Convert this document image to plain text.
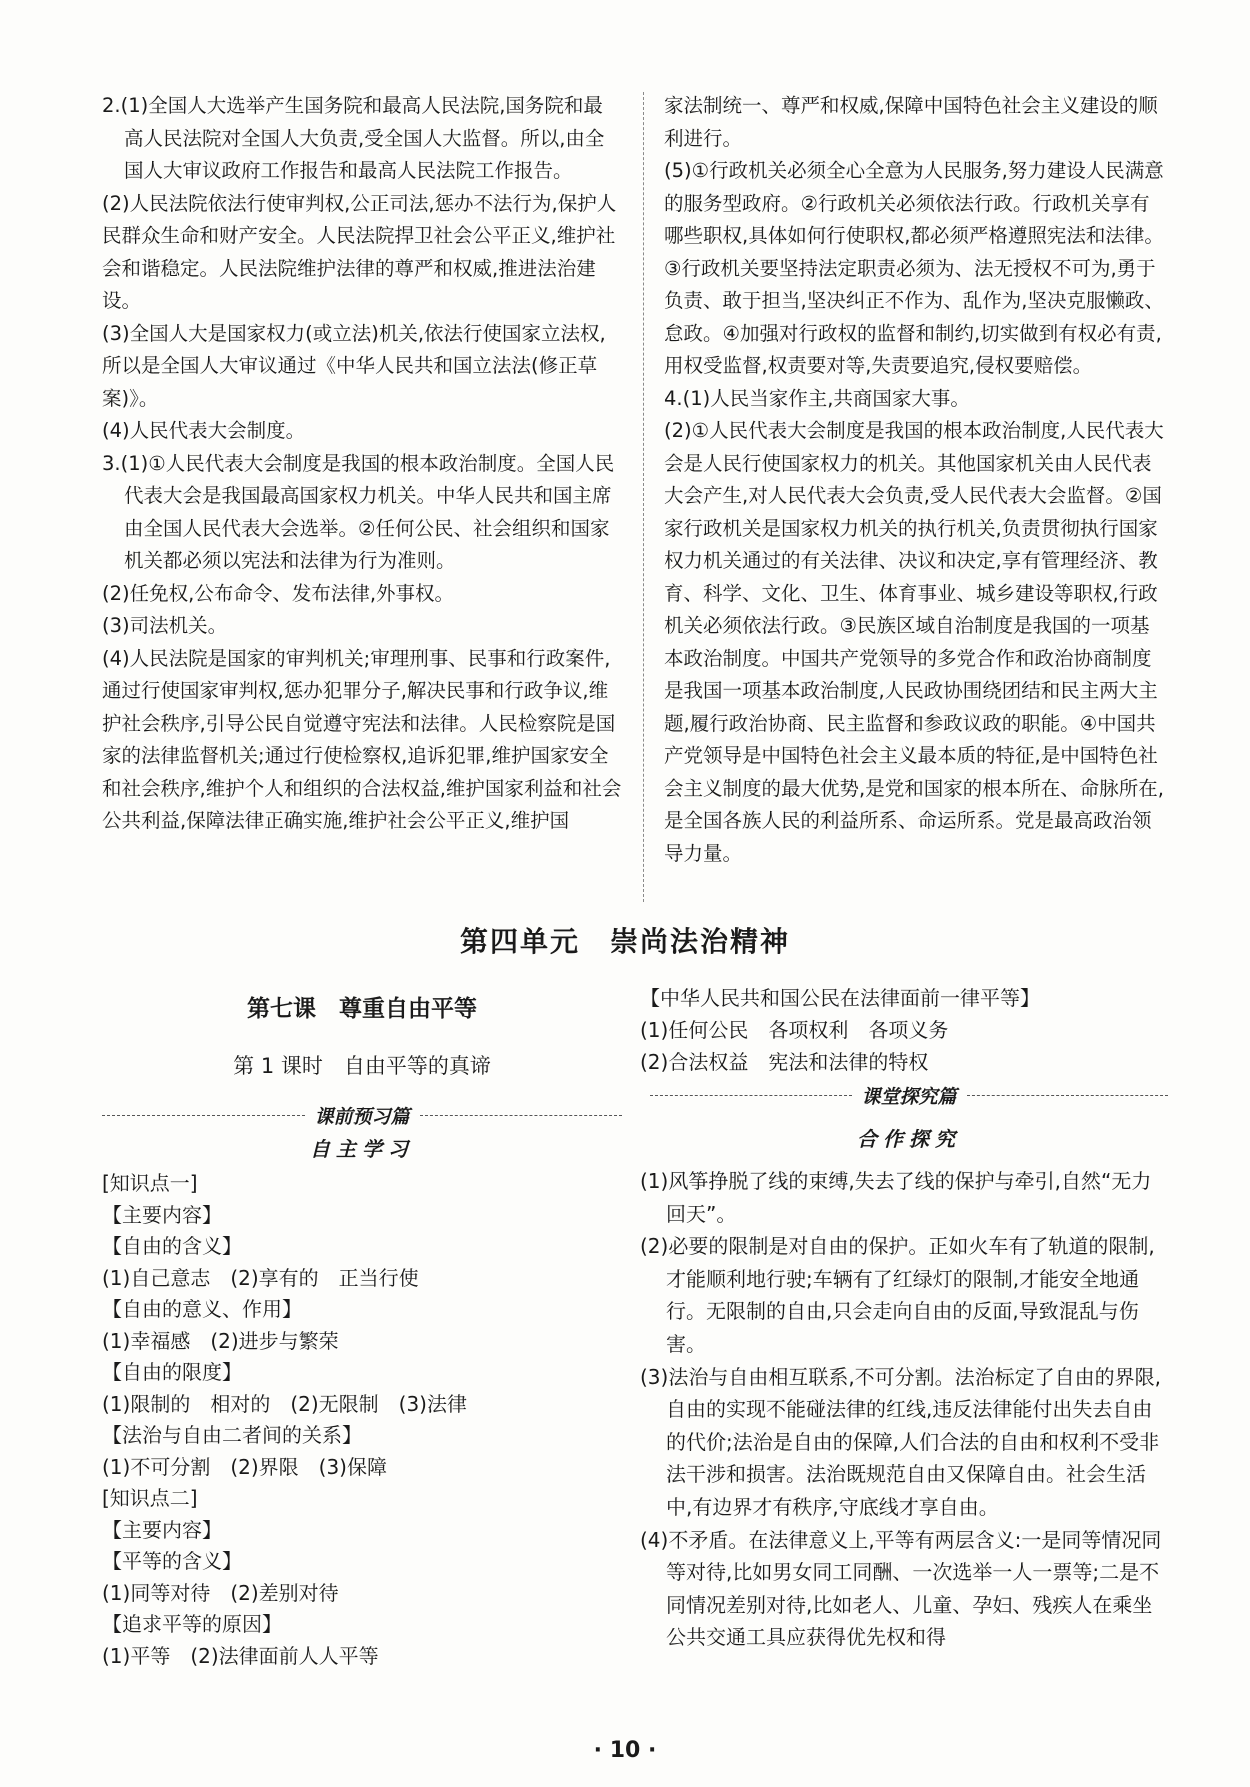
2.(1)全国人大选举产生国务院和最高人民法院,国务院和最高人民法院对全国人大负责,受全国人大监督。所以,由全国人大审议政府工作报告和最高人民法院工作报告。

(2)人民法院依法行使审判权,公正司法,惩办不法行为,保护人民群众生命和财产安全。人民法院捍卫社会公平正义,维护社会和谐稳定。人民法院维护法律的尊严和权威,推进法治建设。

(3)全国人大是国家权力(或立法)机关,依法行使国家立法权,所以是全国人大审议通过《中华人民共和国立法法(修正草案)》。

(4)人民代表大会制度。

3.(1)①人民代表大会制度是我国的根本政治制度。全国人民代表大会是我国最高国家权力机关。中华人民共和国主席由全国人民代表大会选举。②任何公民、社会组织和国家机关都必须以宪法和法律为行为准则。

(2)任免权,公布命令、发布法律,外事权。

(3)司法机关。

(4)人民法院是国家的审判机关;审理刑事、民事和行政案件,通过行使国家审判权,惩办犯罪分子,解决民事和行政争议,维护社会秩序,引导公民自觉遵守宪法和法律。人民检察院是国家的法律监督机关;通过行使检察权,追诉犯罪,维护国家安全和社会秩序,维护个人和组织的合法权益,维护国家利益和社会公共利益,保障法律正确实施,维护社会公平正义,维护国

家法制统一、尊严和权威,保障中国特色社会主义建设的顺利进行。

(5)①行政机关必须全心全意为人民服务,努力建设人民满意的服务型政府。②行政机关必须依法行政。行政机关享有哪些职权,具体如何行使职权,都必须严格遵照宪法和法律。③行政机关要坚持法定职责必须为、法无授权不可为,勇于负责、敢于担当,坚决纠正不作为、乱作为,坚决克服懒政、怠政。④加强对行政权的监督和制约,切实做到有权必有责,用权受监督,权责要对等,失责要追究,侵权要赔偿。

4.(1)人民当家作主,共商国家大事。

(2)①人民代表大会制度是我国的根本政治制度,人民代表大会是人民行使国家权力的机关。其他国家机关由人民代表大会产生,对人民代表大会负责,受人民代表大会监督。②国家行政机关是国家权力机关的执行机关,负责贯彻执行国家权力机关通过的有关法律、决议和决定,享有管理经济、教育、科学、文化、卫生、体育事业、城乡建设等职权,行政机关必须依法行政。③民族区域自治制度是我国的一项基本政治制度。中国共产党领导的多党合作和政治协商制度是我国一项基本政治制度,人民政协围绕团结和民主两大主题,履行政治协商、民主监督和参政议政的职能。④中国共产党领导是中国特色社会主义最本质的特征,是中国特色社会主义制度的最大优势,是党和国家的根本所在、命脉所在,是全国各族人民的利益所系、命运所系。党是最高政治领导力量。

第四单元　崇尚法治精神
第七课　尊重自由平等
第 1 课时　自由平等的真谛
课前预习篇
自主学习

[知识点一]

【主要内容】

【自由的含义】

(1)自己意志　(2)享有的　正当行使

【自由的意义、作用】

(1)幸福感　(2)进步与繁荣

【自由的限度】

(1)限制的　相对的　(2)无限制　(3)法律

【法治与自由二者间的关系】

(1)不可分割　(2)界限　(3)保障

[知识点二]

【主要内容】

【平等的含义】

(1)同等对待　(2)差别对待

【追求平等的原因】

(1)平等　(2)法律面前人人平等

【中华人民共和国公民在法律面前一律平等】

(1)任何公民　各项权利　各项义务

(2)合法权益　宪法和法律的特权

课堂探究篇
合作探究

(1)风筝挣脱了线的束缚,失去了线的保护与牵引,自然“无力回天”。

(2)必要的限制是对自由的保护。正如火车有了轨道的限制,才能顺利地行驶;车辆有了红绿灯的限制,才能安全地通行。无限制的自由,只会走向自由的反面,导致混乱与伤害。

(3)法治与自由相互联系,不可分割。法治标定了自由的界限,自由的实现不能碰法律的红线,违反法律能付出失去自由的代价;法治是自由的保障,人们合法的自由和权利不受非法干涉和损害。法治既规范自由又保障自由。社会生活中,有边界才有秩序,守底线才享自由。

(4)不矛盾。在法律意义上,平等有两层含义:一是同等情况同等对待,比如男女同工同酬、一次选举一人一票等;二是不同情况差别对待,比如老人、儿童、孕妇、残疾人在乘坐公共交通工具应获得优先权和得

· 10 ·
